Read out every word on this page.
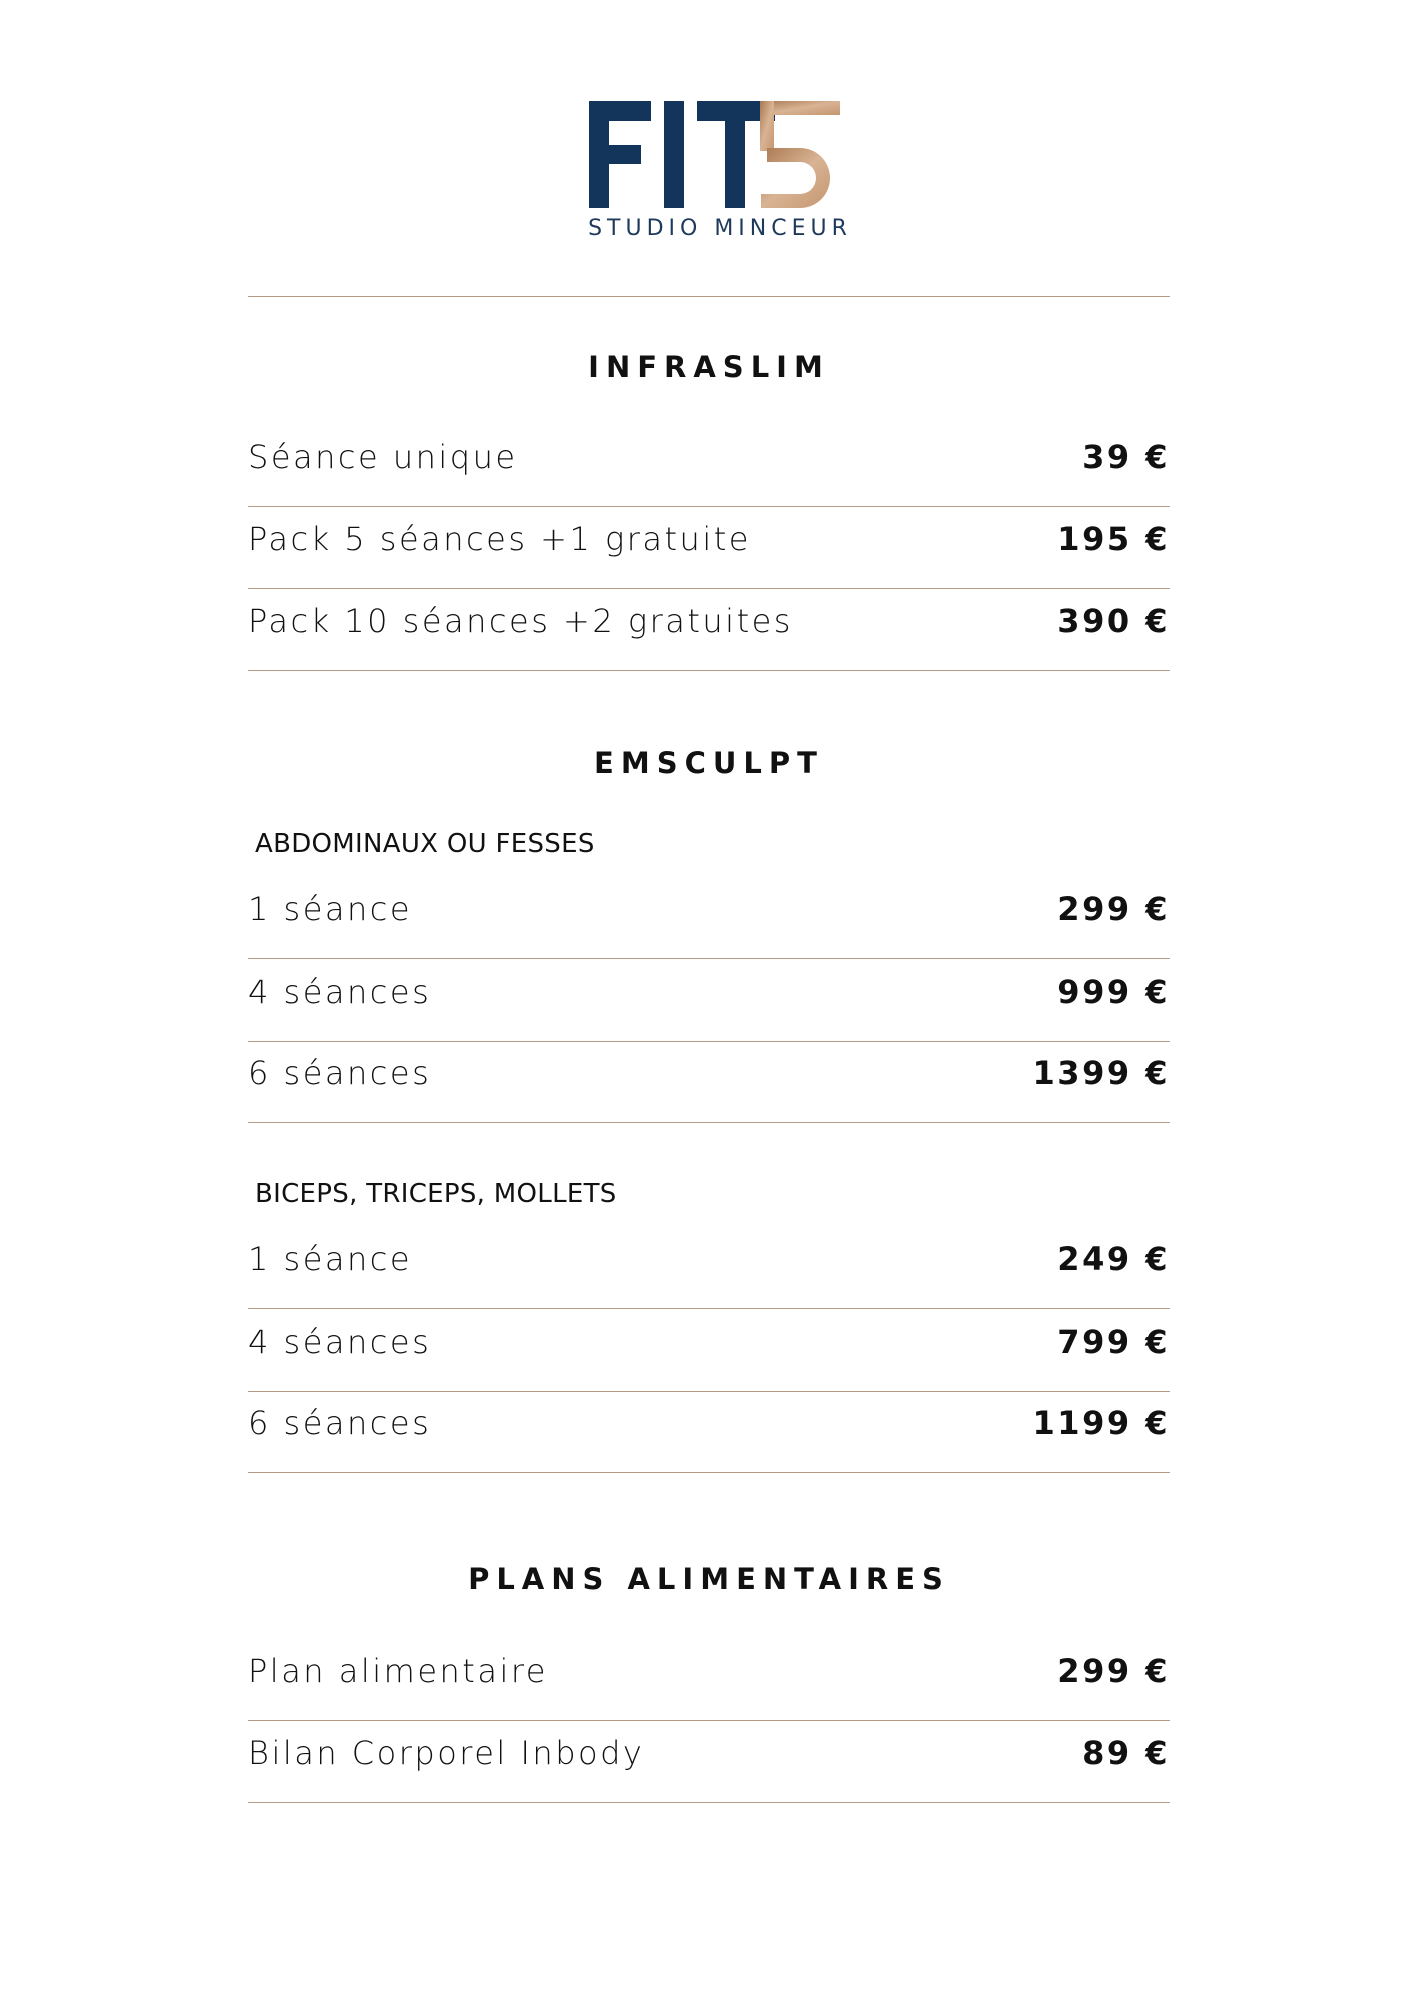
STUDIO MINCEUR
INFRASLIM
Séance unique	39 €
Pack 5 séances +1 gratuite	195 €
Pack 10 séances +2 gratuites	390 €
EMSCULPT
ABDOMINAUX OU FESSES
1 séance	299 €
4 séances	999 €
6 séances	1399 €
BICEPS, TRICEPS, MOLLETS
1 séance	249 €
4 séances	799 €
6 séances	1199 €
PLANS ALIMENTAIRES
Plan alimentaire	299 €
Bilan Corporel Inbody	89 €
